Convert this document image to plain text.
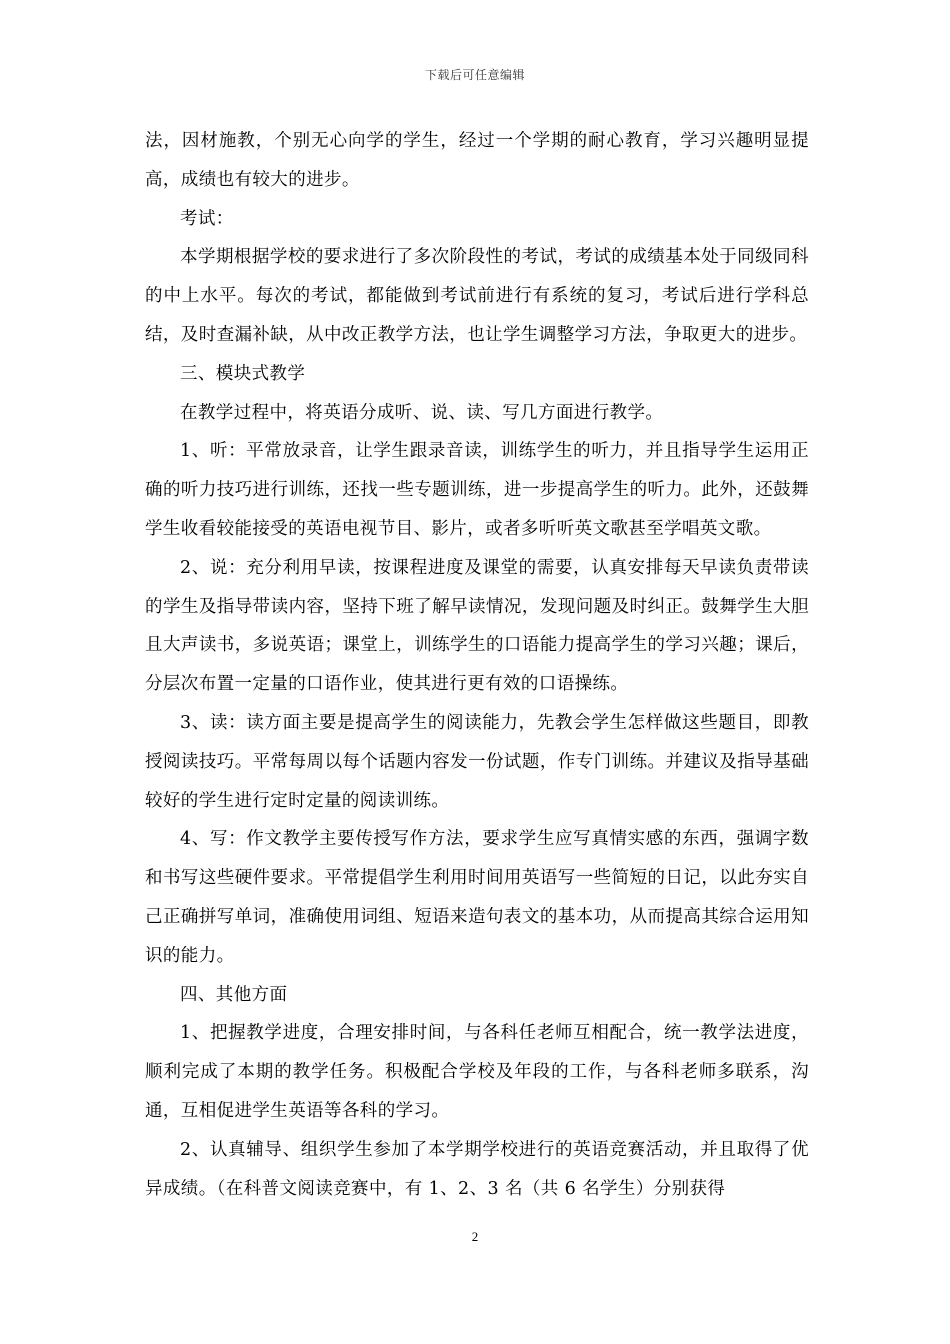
下载后可任意编辑

法，因材施教，个别无心向学的学生，经过一个学期的耐心教育，学习兴趣明显提高，成绩也有较大的进步。

考试：

本学期根据学校的要求进行了多次阶段性的考试，考试的成绩基本处于同级同科的中上水平。每次的考试，都能做到考试前进行有系统的复习，考试后进行学科总结，及时查漏补缺，从中改正教学方法，也让学生调整学习方法，争取更大的进步。

三、模块式教学

在教学过程中，将英语分成听、说、读、写几方面进行教学。

1、听：平常放录音，让学生跟录音读，训练学生的听力，并且指导学生运用正确的听力技巧进行训练，还找一些专题训练，进一步提高学生的听力。此外，还鼓舞学生收看较能接受的英语电视节目、影片，或者多听听英文歌甚至学唱英文歌。

2、说：充分利用早读，按课程进度及课堂的需要，认真安排每天早读负责带读的学生及指导带读内容，坚持下班了解早读情况，发现问题及时纠正。鼓舞学生大胆且大声读书，多说英语；课堂上，训练学生的口语能力提高学生的学习兴趣；课后，分层次布置一定量的口语作业，使其进行更有效的口语操练。

3、读：读方面主要是提高学生的阅读能力，先教会学生怎样做这些题目，即教授阅读技巧。平常每周以每个话题内容发一份试题，作专门训练。并建议及指导基础较好的学生进行定时定量的阅读训练。

4、写：作文教学主要传授写作方法，要求学生应写真情实感的东西，强调字数和书写这些硬件要求。平常提倡学生利用时间用英语写一些简短的日记，以此夯实自己正确拼写单词，准确使用词组、短语来造句表文的基本功，从而提高其综合运用知识的能力。

四、其他方面

1、把握教学进度，合理安排时间，与各科任老师互相配合，统一教学法进度，顺利完成了本期的教学任务。积极配合学校及年段的工作，与各科老师多联系，沟通，互相促进学生英语等各科的学习。

2、认真辅导、组织学生参加了本学期学校进行的英语竞赛活动，并且取得了优异成绩。（在科普文阅读竞赛中，有 1、2、3 名（共 6 名学生）分别获得

2
